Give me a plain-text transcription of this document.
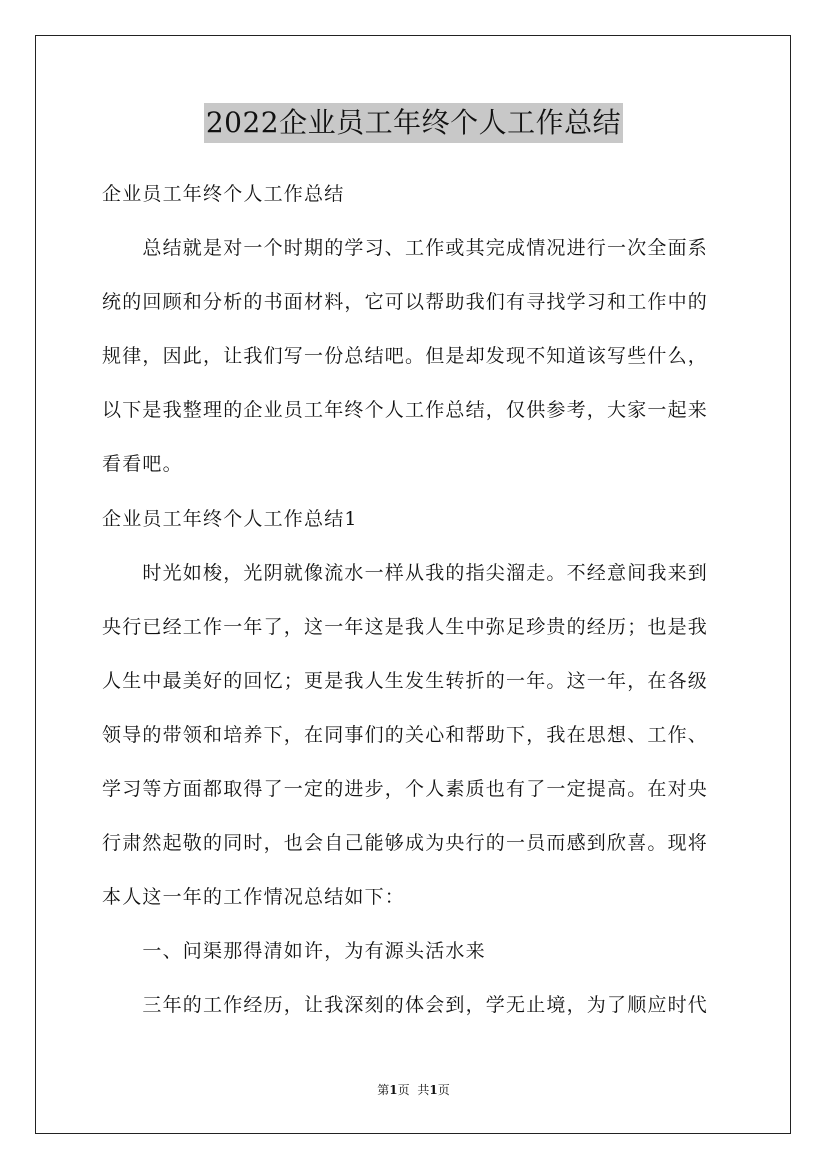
2022企业员工年终个人工作总结
企业员工年终个人工作总结
　　总结就是对一个时期的学习、工作或其完成情况进行一次全面系
统的回顾和分析的书面材料，它可以帮助我们有寻找学习和工作中的
规律，因此，让我们写一份总结吧。但是却发现不知道该写些什么，
以下是我整理的企业员工年终个人工作总结，仅供参考，大家一起来
看看吧。
企业员工年终个人工作总结1
　　时光如梭，光阴就像流水一样从我的指尖溜走。不经意间我来到
央行已经工作一年了，这一年这是我人生中弥足珍贵的经历；也是我
人生中最美好的回忆；更是我人生发生转折的一年。这一年，在各级
领导的带领和培养下，在同事们的关心和帮助下，我在思想、工作、
学习等方面都取得了一定的进步，个人素质也有了一定提高。在对央
行肃然起敬的同时，也会自己能够成为央行的一员而感到欣喜。现将
本人这一年的工作情况总结如下：
　　一、问渠那得清如许，为有源头活水来
　　三年的工作经历，让我深刻的体会到，学无止境，为了顺应时代
第1页 共1页
